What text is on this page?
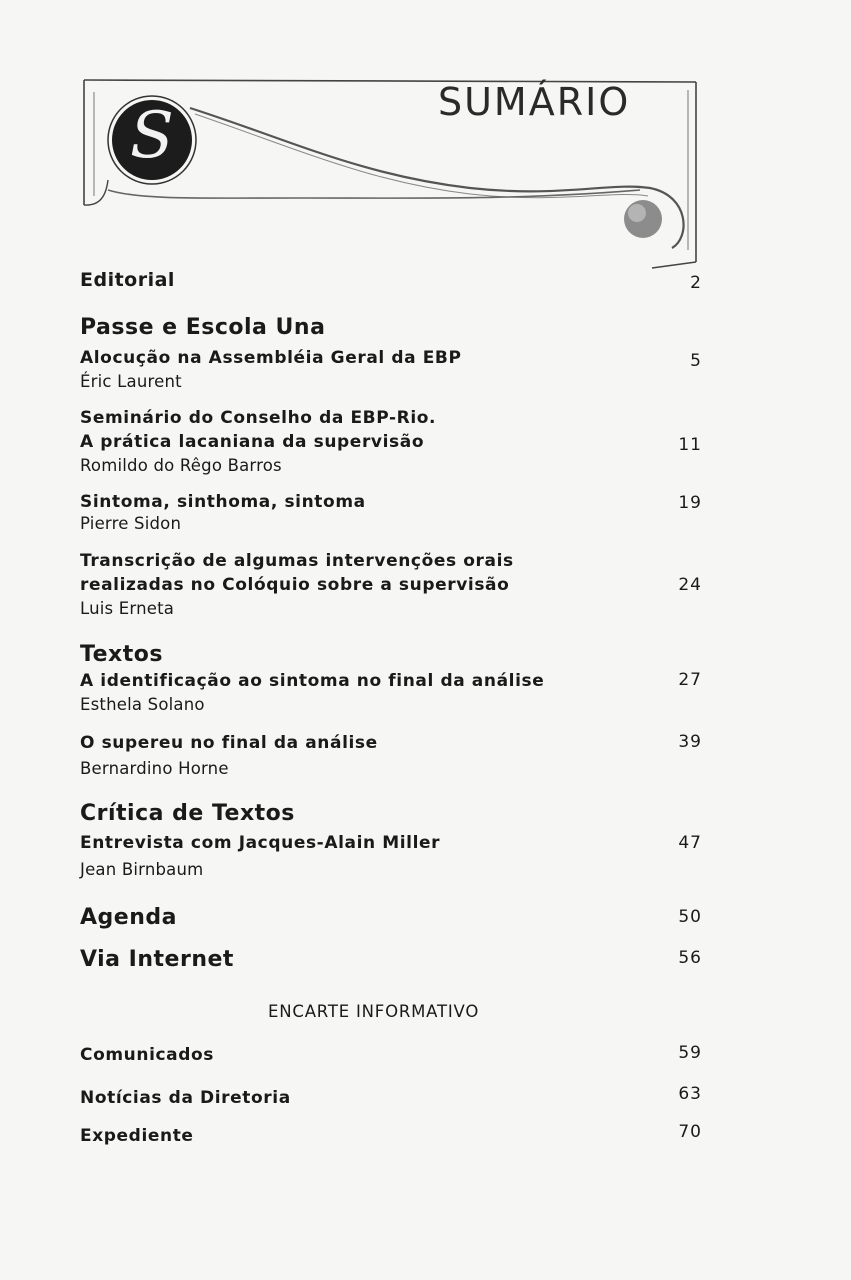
S	SUMÁRIO
Editorial	2
Passe e Escola Una
Alocução na Assembléia Geral da EBP	5
Éric Laurent
Seminário do Conselho da EBP-Rio.
A prática lacaniana da supervisão	11
Romildo do Rêgo Barros
Sintoma, sinthoma, sintoma	19
Pierre Sidon
Transcrição de algumas intervenções orais
realizadas no Colóquio sobre a supervisão	24
Luis Erneta
Textos
A identificação ao sintoma no final da análise	27
Esthela Solano
O supereu no final da análise	39
Bernardino Horne
Crítica de Textos
Entrevista com Jacques-Alain Miller	47
Jean Birnbaum
Agenda	50
Via Internet	56
ENCARTE INFORMATIVO
Comunicados	59
Notícias da Diretoria	63
Expediente	70
